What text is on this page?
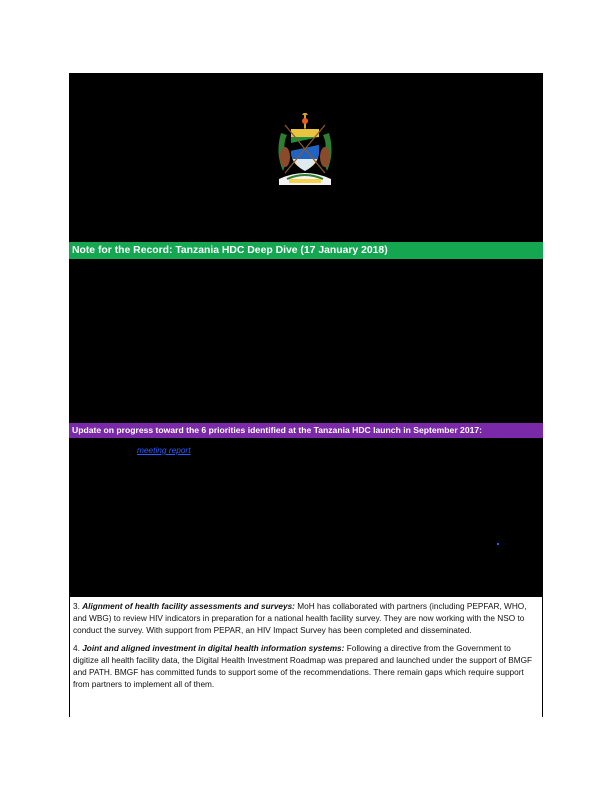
Note for the Record: Tanzania HDC Deep Dive (17 January 2018)
Update on progress toward the 6 priorities identified at the Tanzania HDC launch in September 2017:
meeting report

3. Alignment of health facility assessments and surveys: MoH has collaborated with partners (including PEPFAR, WHO, and WBG) to review HIV indicators in preparation for a national health facility survey. They are now working with the NSO to conduct the survey. With support from PEPAR, an HIV Impact Survey has been completed and disseminated.

4. Joint and aligned investment in digital health information systems: Following a directive from the Government to digitize all health facility data, the Digital Health Investment Roadmap was prepared and launched under the support of BMGF and PATH. BMGF has committed funds to support some of the recommendations. There remain gaps which require support from partners to implement all of them.
